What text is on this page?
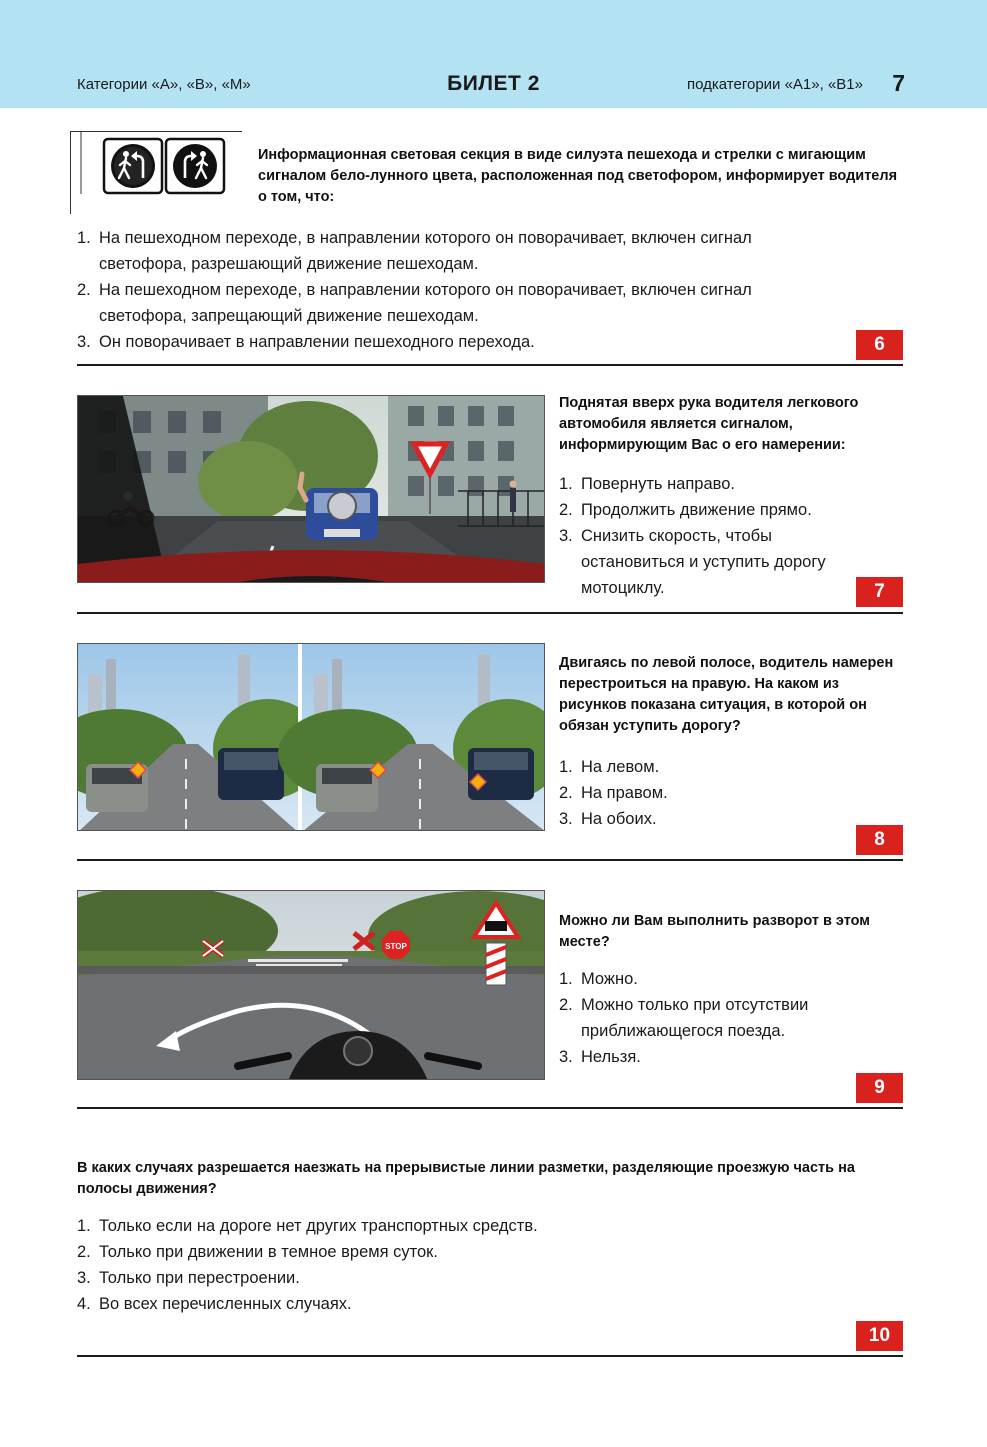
Категории «А», «В», «М»	БИЛЕТ 2	подкатегории «А1», «В1» 7
Информационная световая секция в виде силуэта пешехода и стрелки с мигающим сигналом бело-лунного цвета, расположенная под светофором, информирует водителя о том, что:
1. На пешеходном переходе, в направлении которого он поворачивает, включен сигнал
светофора, разрешающий движение пешеходам.
2. На пешеходном переходе, в направлении которого он поворачивает, включен сигнал
светофора, запрещающий движение пешеходам.
3. Он поворачивает в направлении пешеходного перехода.	6
Поднятая вверх рука водителя легкового автомобиля является сигналом, информирующим Вас о его намерении:
1. Повернуть направо.
2. Продолжить движение прямо.
3. Снизить скорость, чтобы остановиться и уступить дорогу мотоциклу.	7
Двигаясь по левой полосе, водитель намерен перестроиться на правую. На каком из рисунков показана ситуация, в которой он обязан уступить дорогу?
1. На левом.
2. На правом.
3. На обоих.
8
STOP
Можно ли Вам выполнить разворот в этом месте?
1. Можно.
2. Можно только при отсутствии приближающегося поезда.
3. Нельзя.
9
В каких случаях разрешается наезжать на прерывистые линии разметки, разделяющие проезжую часть на полосы движения?
1. Только если на дороге нет других транспортных средств.
2. Только при движении в темное время суток.
3. Только при перестроении.
4. Во всех перечисленных случаях.
10
